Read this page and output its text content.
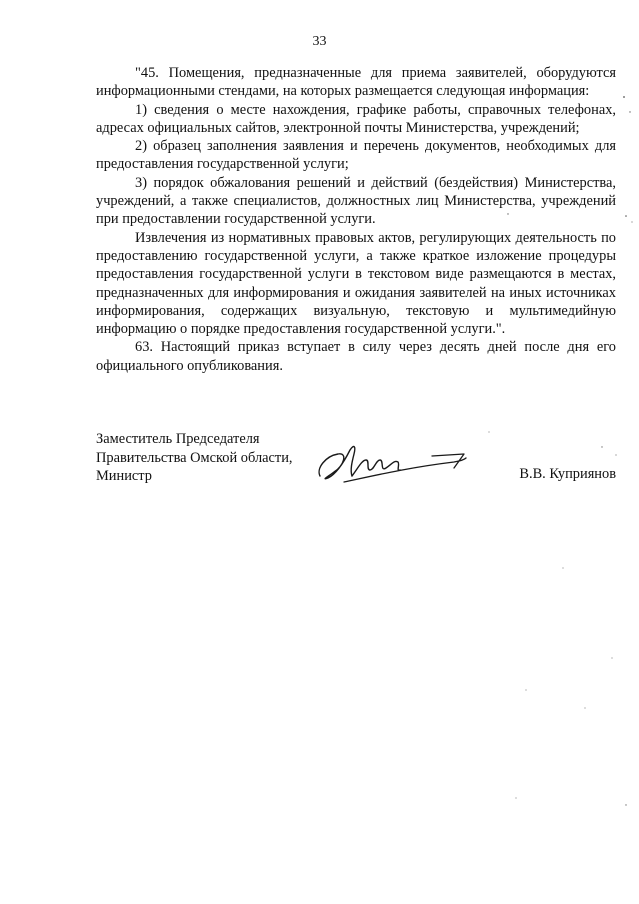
33

"45. Помещения, предназначенные для приема заявителей, оборудуются информационными стендами, на которых размещается следующая информация:

1) сведения о месте нахождения, графике работы, справочных телефонах, адресах официальных сайтов, электронной почты Министерства, учреждений;

2) образец заполнения заявления и перечень документов, необходимых для предоставления государственной услуги;

3) порядок обжалования решений и действий (бездействия) Министерства, учреждений, а также специалистов, должностных лиц Министерства, учреждений при предоставлении государственной услуги.

Извлечения из нормативных правовых актов, регулирующих деятельность по предоставлению государственной услуги, а также краткое изложение процедуры предоставления государственной услуги в текстовом виде размещаются в местах, предназначенных для информирования и ожидания заявителей на иных источниках информирования, содержащих визуальную, текстовую и мультимедийную информацию о порядке предоставления государственной услуги.".

63. Настоящий приказ вступает в силу через десять дней после дня его официального опубликования.

Заместитель Председателя
Правительства Омской области,
Министр	В.В. Куприянов
